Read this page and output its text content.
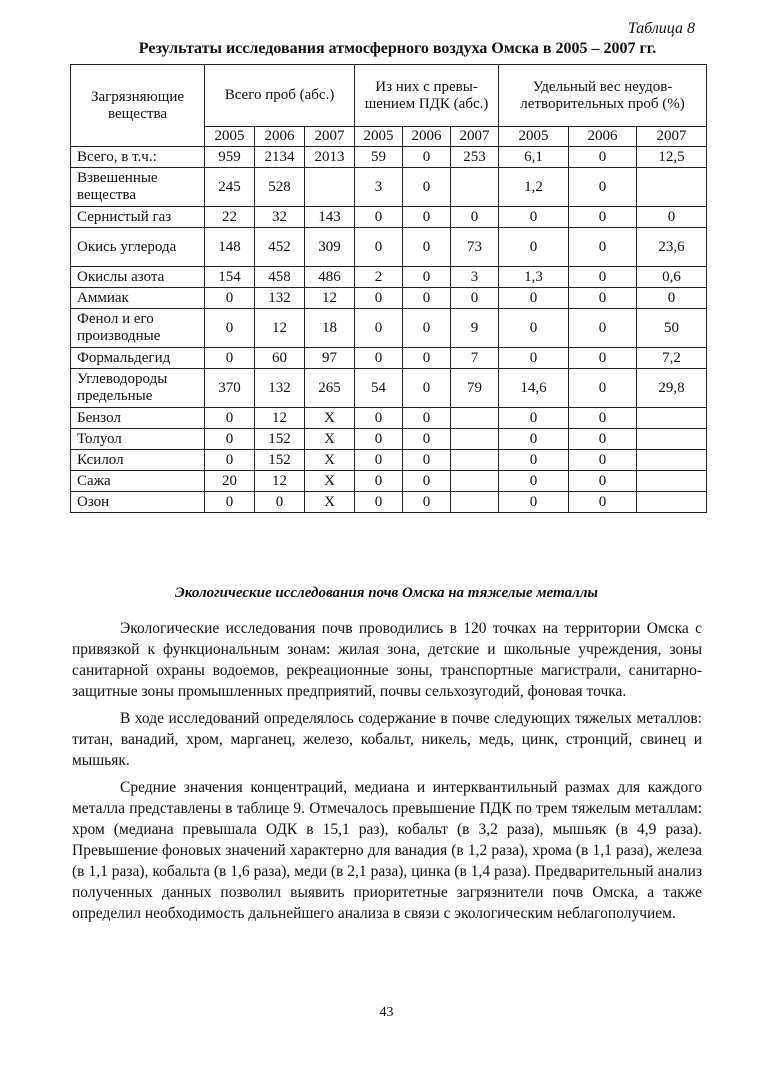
Таблица 8
Результаты исследования атмосферного воздуха Омска в 2005 – 2007 гг.
Загрязняющие вещества	Всего проб (абс.)			Из них с превы-шением ПДК (абс.)			Удельный вес неудов-летворительных проб (%)		
	2005	2006	2007	2005	2006	2007	2005	2006	2007
Всего, в т.ч.:	959	2134	2013	59	0	253	6,1	0	12,5
Взвешенные вещества	245	528		3	0		1,2	0	
Сернистый газ	22	32	143	0	0	0	0	0	0
Окись углерода	148	452	309	0	0	73	0	0	23,6
Окислы азота	154	458	486	2	0	3	1,3	0	0,6
Аммиак	0	132	12	0	0	0	0	0	0
Фенол и его производные	0	12	18	0	0	9	0	0	50
Формальдегид	0	60	97	0	0	7	0	0	7,2
Углеводороды предельные	370	132	265	54	0	79	14,6	0	29,8
Бензол	0	12	X	0	0		0	0	
Толуол	0	152	X	0	0		0	0	
Ксилол	0	152	X	0	0		0	0	
Сажа	20	12	X	0	0		0	0	
Озон	0	0	X	0	0		0	0	
Экологические исследования почв Омска на тяжелые металлы

Экологические исследования почв проводились в 120 точках на территории Омска с привязкой к функциональным зонам: жилая зона, детские и школьные учреждения, зоны санитарной охраны водоемов, рекреационные зоны, транспортные магистрали, санитарно-защитные зоны промышленных предприятий, почвы сельхозугодий, фоновая точка.

В ходе исследований определялось содержание в почве следующих тяжелых металлов: титан, ванадий, хром, марганец, железо, кобальт, никель, медь, цинк, стронций, свинец и мышьяк.

Средние значения концентраций, медиана и интерквантильный размах для каждого металла представлены в таблице 9. Отмечалось превышение ПДК по трем тяжелым металлам: хром (медиана превышала ОДК в 15,1 раз), кобальт (в 3,2 раза), мышьяк (в 4,9 раза). Превышение фоновых значений характерно для ванадия (в 1,2 раза), хрома (в 1,1 раза), железа (в 1,1 раза), кобальта (в 1,6 раза), меди (в 2,1 раза), цинка (в 1,4 раза). Предварительный анализ полученных данных позволил выявить приоритетные загрязнители почв Омска, а также определил необходимость дальнейшего анализа в связи с экологическим неблагополучием.

43
